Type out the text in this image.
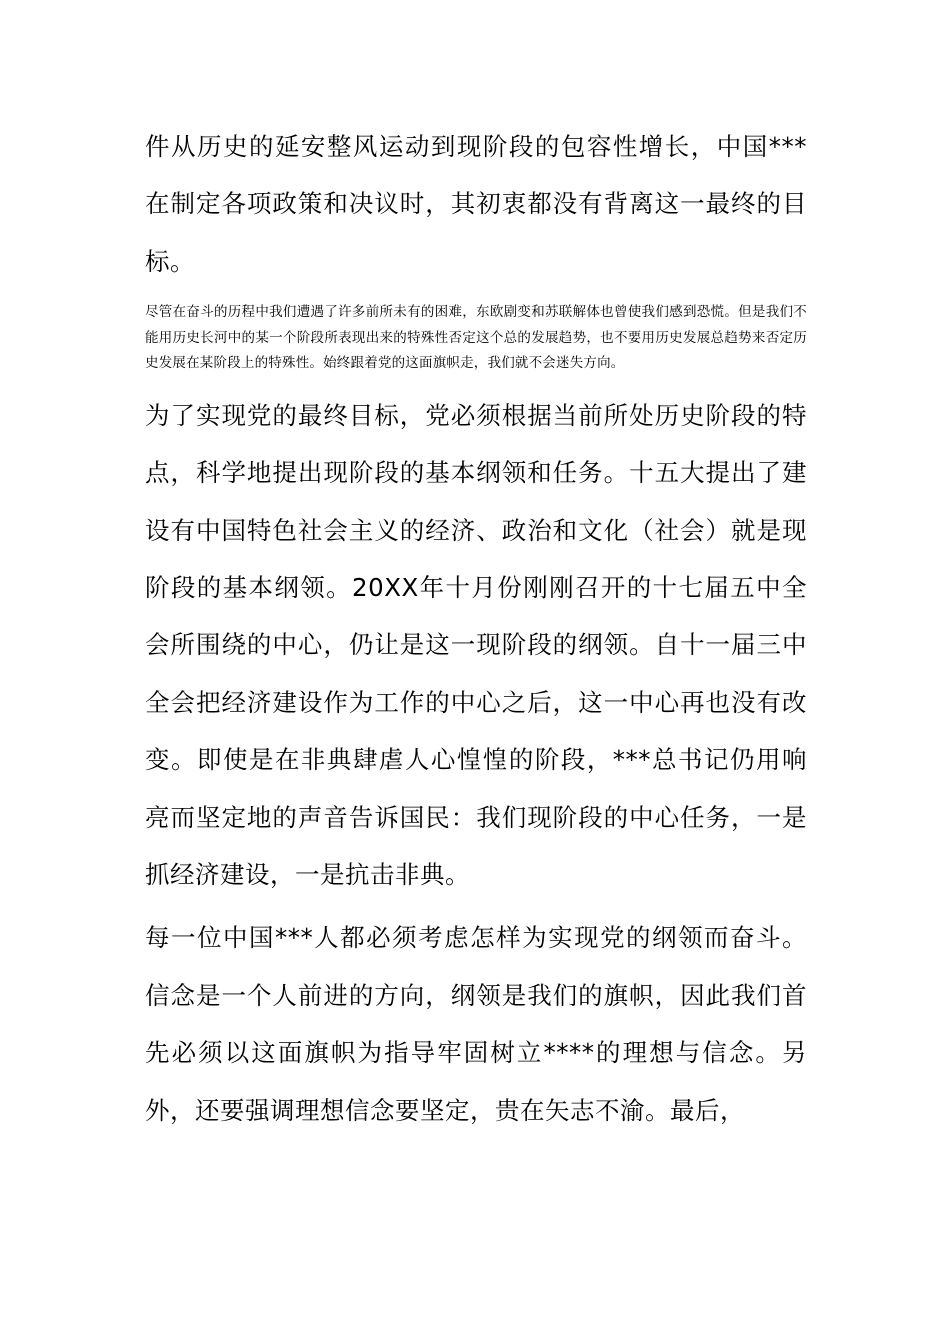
件从历史的延安整风运动到现阶段的包容性增长，中国***在制定各项政策和决议时，其初衷都没有背离这一最终的目标。

尽管在奋斗的历程中我们遭遇了许多前所未有的困难，东欧剧变和苏联解体也曾使我们感到恐慌。但是我们不能用历史长河中的某一个阶段所表现出来的特殊性否定这个总的发展趋势，也不要用历史发展总趋势来否定历史发展在某阶段上的特殊性。始终跟着党的这面旗帜走，我们就不会迷失方向。

为了实现党的最终目标，党必须根据当前所处历史阶段的特点，科学地提出现阶段的基本纲领和任务。十五大提出了建设有中国特色社会主义的经济、政治和文化（社会）就是现阶段的基本纲领。20XX年十月份刚刚召开的十七届五中全会所围绕的中心，仍让是这一现阶段的纲领。自十一届三中全会把经济建设作为工作的中心之后，这一中心再也没有改变。即使是在非典肆虐人心惶惶的阶段，***总书记仍用响亮而坚定地的声音告诉国民：我们现阶段的中心任务，一是抓经济建设，一是抗击非典。

每一位中国***人都必须考虑怎样为实现党的纲领而奋斗。信念是一个人前进的方向，纲领是我们的旗帜，因此我们首先必须以这面旗帜为指导牢固树立****的理想与信念。另外，还要强调理想信念要坚定，贵在矢志不渝。最后，
